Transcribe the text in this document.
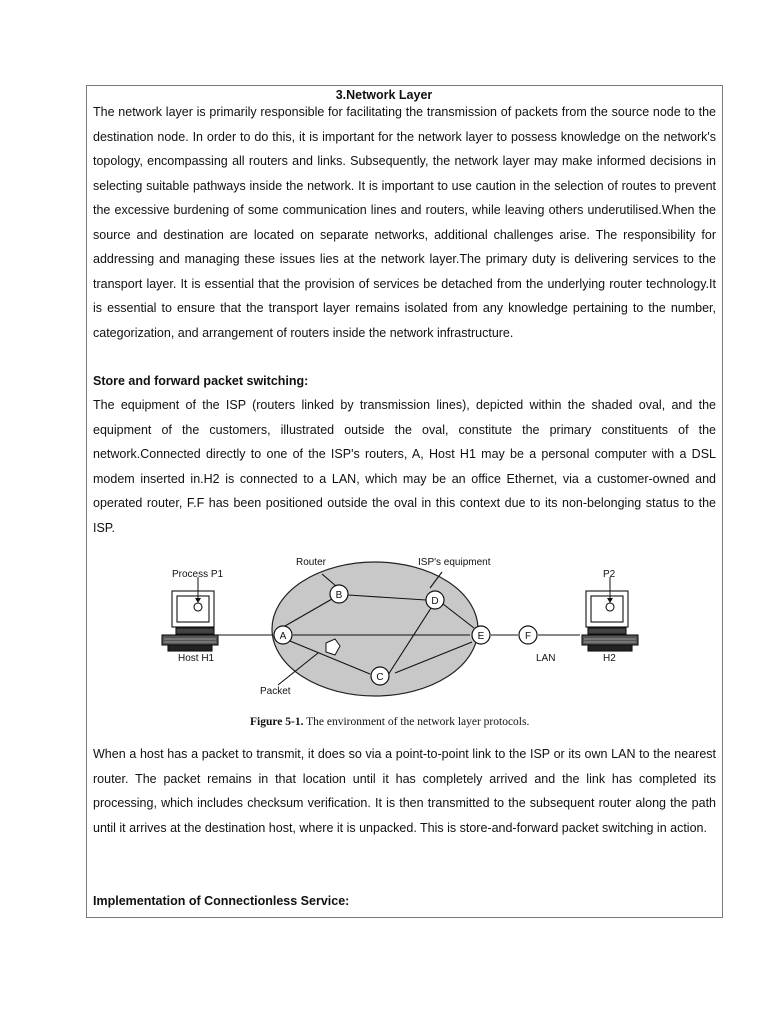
3.Network Layer

The network layer is primarily responsible for facilitating the transmission of packets from the source node to the destination node. In order to do this, it is important for the network layer to possess knowledge on the network's topology, encompassing all routers and links. Subsequently, the network layer may make informed decisions in selecting suitable pathways inside the network. It is important to use caution in the selection of routes to prevent the excessive burdening of some communication lines and routers, while leaving others underutilised.When the source and destination are located on separate networks, additional challenges arise. The responsibility for addressing and managing these issues lies at the network layer.The primary duty is delivering services to the transport layer. It is essential that the provision of services be detached from the underlying router technology.It is essential to ensure that the transport layer remains isolated from any knowledge pertaining to the number, categorization, and arrangement of routers inside the network infrastructure.

Store and forward packet switching:

The equipment of the ISP (routers linked by transmission lines), depicted within the shaded oval, and the equipment of the customers, illustrated outside the oval, constitute the primary constituents of the network.Connected directly to one of the ISP's routers, A, Host H1 may be a personal computer with a DSL modem inserted in.H2 is connected to a LAN, which may be an office Ethernet, via a customer-owned and operated router, F.F has been positioned outside the oval in this context due to its non-belonging status to the ISP.

A
B
C
D
E	F
Process P1
Router	ISP's equipment
P2
Host H1
Packet
LAN	H2
Figure 5-1. The environment of the network layer protocols.

When a host has a packet to transmit, it does so via a point-to-point link to the ISP or its own LAN to the nearest router. The packet remains in that location until it has completely arrived and the link has completed its processing, which includes checksum verification. It is then transmitted to the subsequent router along the path until it arrives at the destination host, where it is unpacked. This is store-and-forward packet switching in action.

Implementation of Connectionless Service:
